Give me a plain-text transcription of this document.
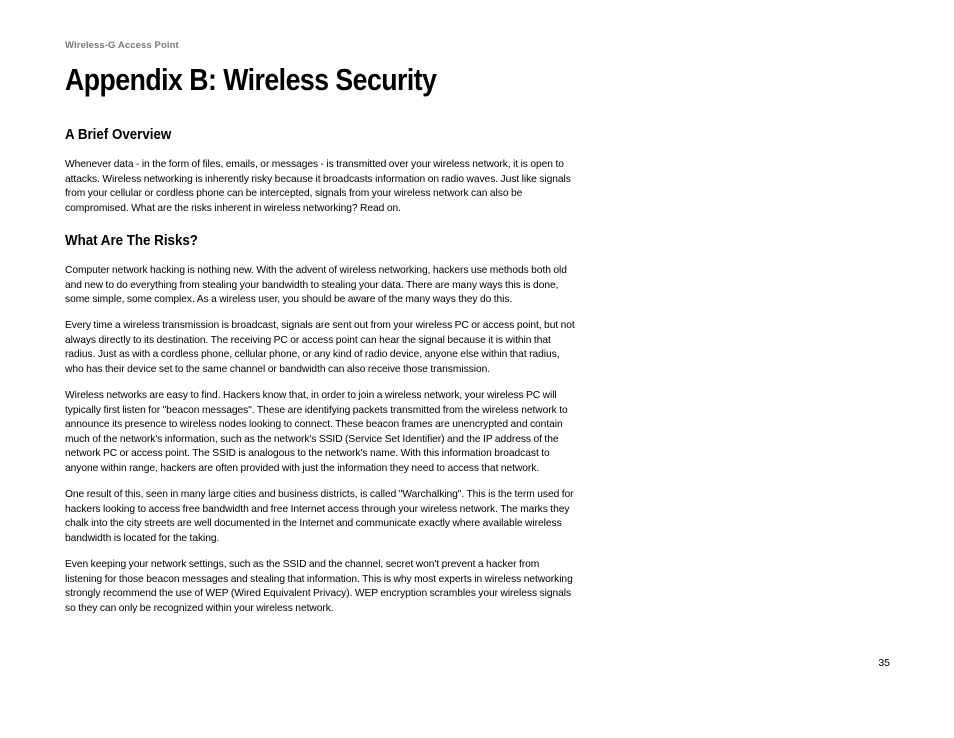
Wireless-G Access Point
Appendix B: Wireless Security
A Brief Overview

Whenever data - in the form of files, emails, or messages - is transmitted over your wireless network, it is open to attacks. Wireless networking is inherently risky because it broadcasts information on radio waves. Just like signals from your cellular or cordless phone can be intercepted, signals from your wireless network can also be compromised. What are the risks inherent in wireless networking? Read on.

What Are The Risks?

Computer network hacking is nothing new. With the advent of wireless networking, hackers use methods both old and new to do everything from stealing your bandwidth to stealing your data. There are many ways this is done, some simple, some complex. As a wireless user, you should be aware of the many ways they do this.

Every time a wireless transmission is broadcast, signals are sent out from your wireless PC or access point, but not always directly to its destination. The receiving PC or access point can hear the signal because it is within that radius. Just as with a cordless phone, cellular phone, or any kind of radio device, anyone else within that radius, who has their device set to the same channel or bandwidth can also receive those transmission.

Wireless networks are easy to find. Hackers know that, in order to join a wireless network, your wireless PC will typically first listen for "beacon messages". These are identifying packets transmitted from the wireless network to announce its presence to wireless nodes looking to connect. These beacon frames are unencrypted and contain much of the network's information, such as the network's SSID (Service Set Identifier) and the IP address of the network PC or access point. The SSID is analogous to the network's name. With this information broadcast to anyone within range, hackers are often provided with just the information they need to access that network.

One result of this, seen in many large cities and business districts, is called "Warchalking". This is the term used for hackers looking to access free bandwidth and free Internet access through your wireless network. The marks they chalk into the city streets are well documented in the Internet and communicate exactly where available wireless bandwidth is located for the taking.

Even keeping your network settings, such as the SSID and the channel, secret won't prevent a hacker from listening for those beacon messages and stealing that information. This is why most experts in wireless networking strongly recommend the use of WEP (Wired Equivalent Privacy). WEP encryption scrambles your wireless signals so they can only be recognized within your wireless network.

35
